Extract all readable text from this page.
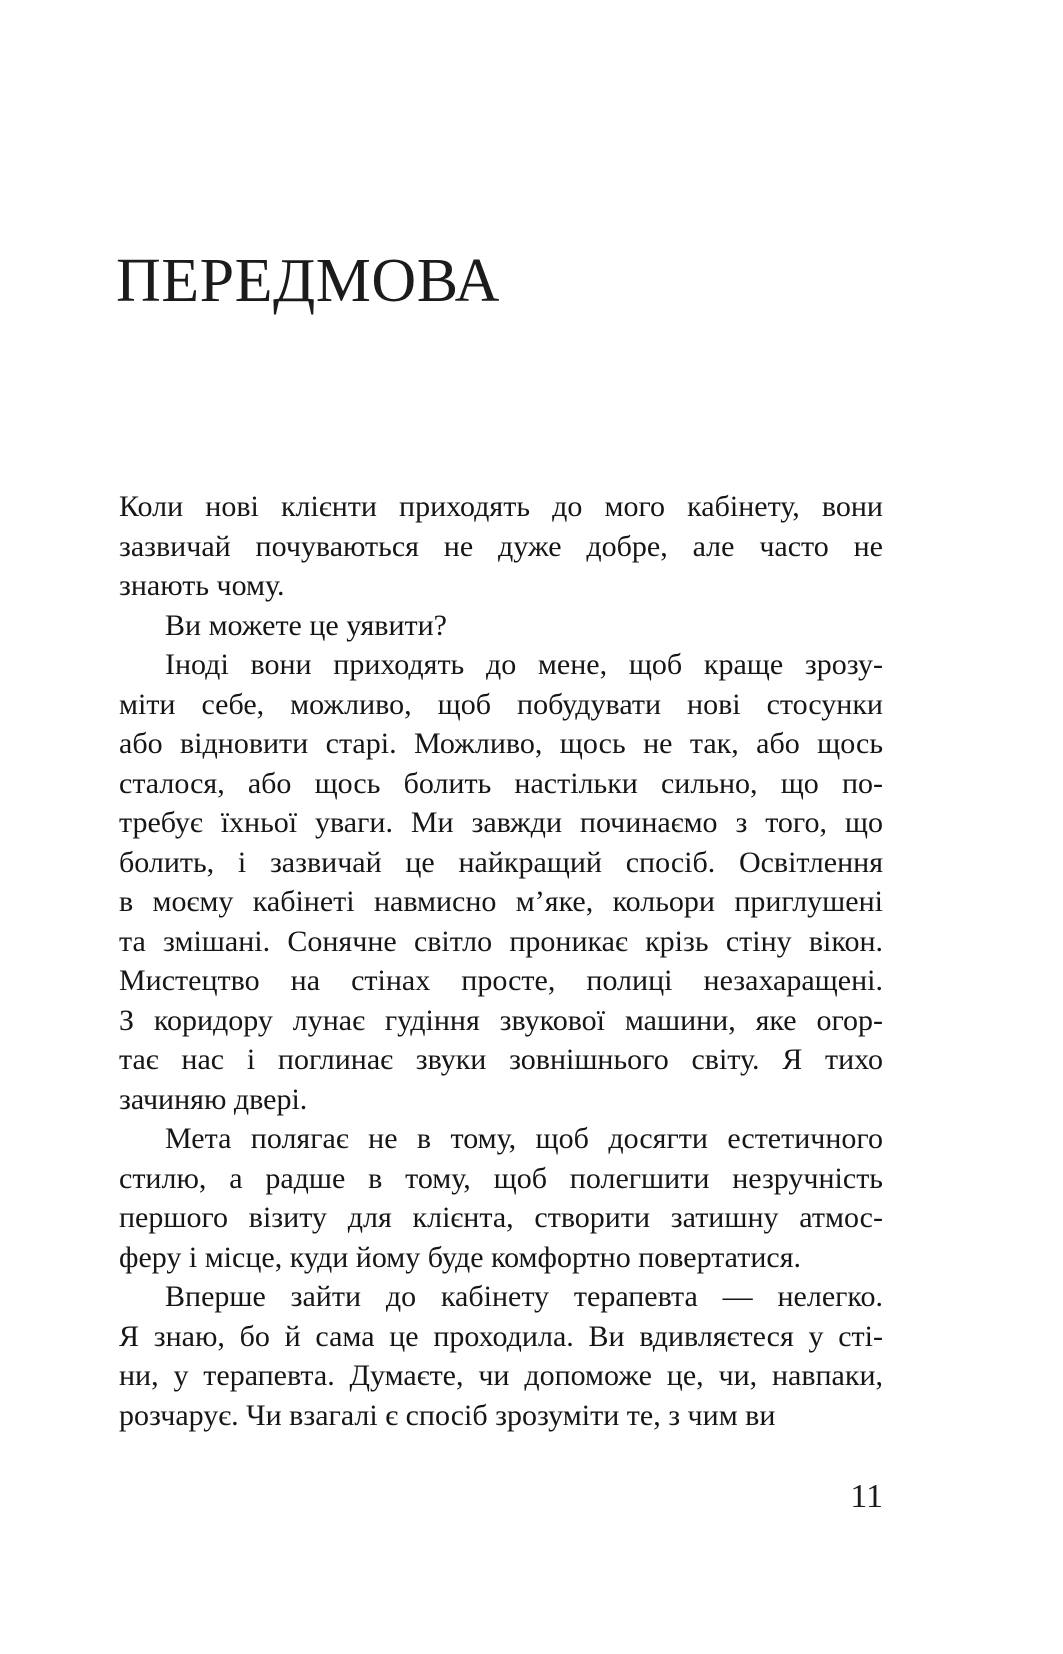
ПЕРЕДМОВА
Коли нові клієнти приходять до мого кабінету, вони
зазвичай почуваються не дуже добре, але часто не
знають чому.
Ви можете це уявити?
Іноді вони приходять до мене, щоб краще зрозу-
міти себе, можливо, щоб побудувати нові стосунки
або відновити старі. Можливо, щось не так, або щось
сталося, або щось болить настільки сильно, що по-
требує їхньої уваги. Ми завжди починаємо з того, що
болить, і зазвичай це найкращий спосіб. Освітлення
в моєму кабінеті навмисно м’яке, кольори приглушені
та змішані. Сонячне світло проникає крізь стіну вікон.
Мистецтво на стінах просте, полиці незахаращені.
З коридору лунає гудіння звукової машини, яке огор-
тає нас і поглинає звуки зовнішнього світу. Я тихо
зачиняю двері.
Мета полягає не в тому, щоб досягти естетичного
стилю, а радше в тому, щоб полегшити незручність
першого візиту для клієнта, створити затишну атмос-
феру і місце, куди йому буде комфортно повертатися.
Вперше зайти до кабінету терапевта — нелегко.
Я знаю, бо й сама це проходила. Ви вдивляєтеся у сті-
ни, у терапевта. Думаєте, чи допоможе це, чи, навпаки,
розчарує. Чи взагалі є спосіб зрозуміти те, з чим ви
11
